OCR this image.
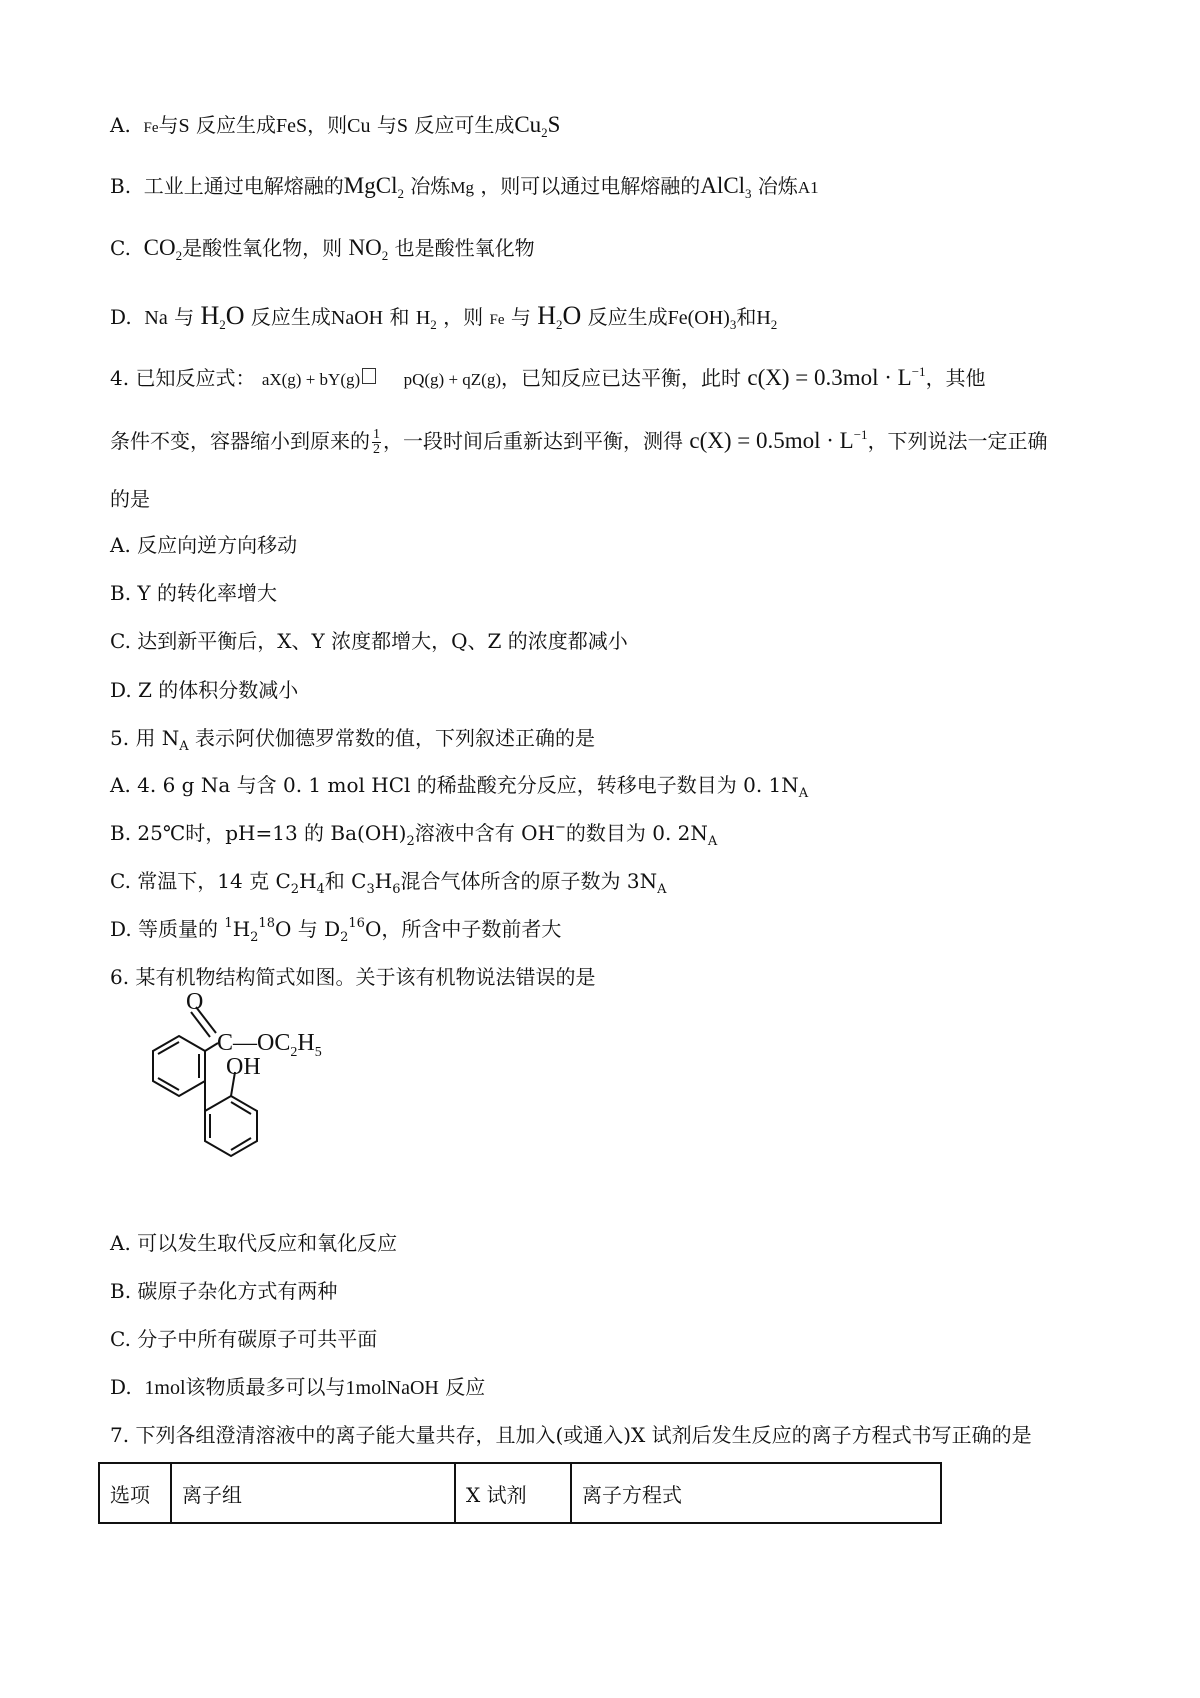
A. Fe与S 反应生成FeS，则Cu 与S 反应可生成$Cu_2S$
B. 工业上通过电解熔融的MgCl$_2$ 冶炼Mg ，则可以通过电解熔融的AlCl$_3$ 冶炼A1
C. $CO_2$是酸性氧化物，则 $NO_2$ 也是酸性氧化物
D. Na 与 $H_2O$ 反应生成NaOH 和 $H_2$ ，则 Fe 与 $H_2O$ 反应生成$Fe(OH)_3$和$H_2$
4. 已知反应式： aX(g) + bY(g)	pQ(g) + qZ(g)，已知反应已达平衡，此时 $c(X) = 0.3mol \cdot L^{-1}$，其他
条件不变，容器缩小到原来的 $\frac{1}{2}$ ，一段时间后重新达到平衡，测得 $c(X) = 0.5mol \cdot L^{-1}$，下列说法一定正确
的是
A. 反应向逆方向移动
B. Y 的转化率增大
C. 达到新平衡后，X、Y 浓度都增大，Q、Z 的浓度都减小
D. Z 的体积分数减小
5. 用 $N_A$ 表示阿伏伽德罗常数的值，下列叙述正确的是
A. 4. 6 g Na 与含 0. 1 mol HCl 的稀盐酸充分反应，转移电子数目为 0. $1N_A$
B. 25℃时，pH=13 的 $Ba(OH)_2$溶液中含有 OH−的数目为 0. $2N_A$
C. 常温下，14 克 $C_2H_4$和 $C_3H_6$混合气体所含的原子数为 $3N_A$
D. 等质量的 $^1H_2^{18}O$ 与 $D_2^{16}O$，所含中子数前者大
6. 某有机物结构简式如图。关于该有机物说法错误的是
O
C $—OC_2H_5$
OH
A. 可以发生取代反应和氧化反应
B. 碳原子杂化方式有两种
C. 分子中所有碳原子可共平面
D. 1mol该物质最多可以与1molNaOH 反应
7. 下列各组澄清溶液中的离子能大量共存，且加入(或通入)X 试剂后发生反应的离子方程式书写正确的是
选项	离子组	X 试剂	离子方程式
